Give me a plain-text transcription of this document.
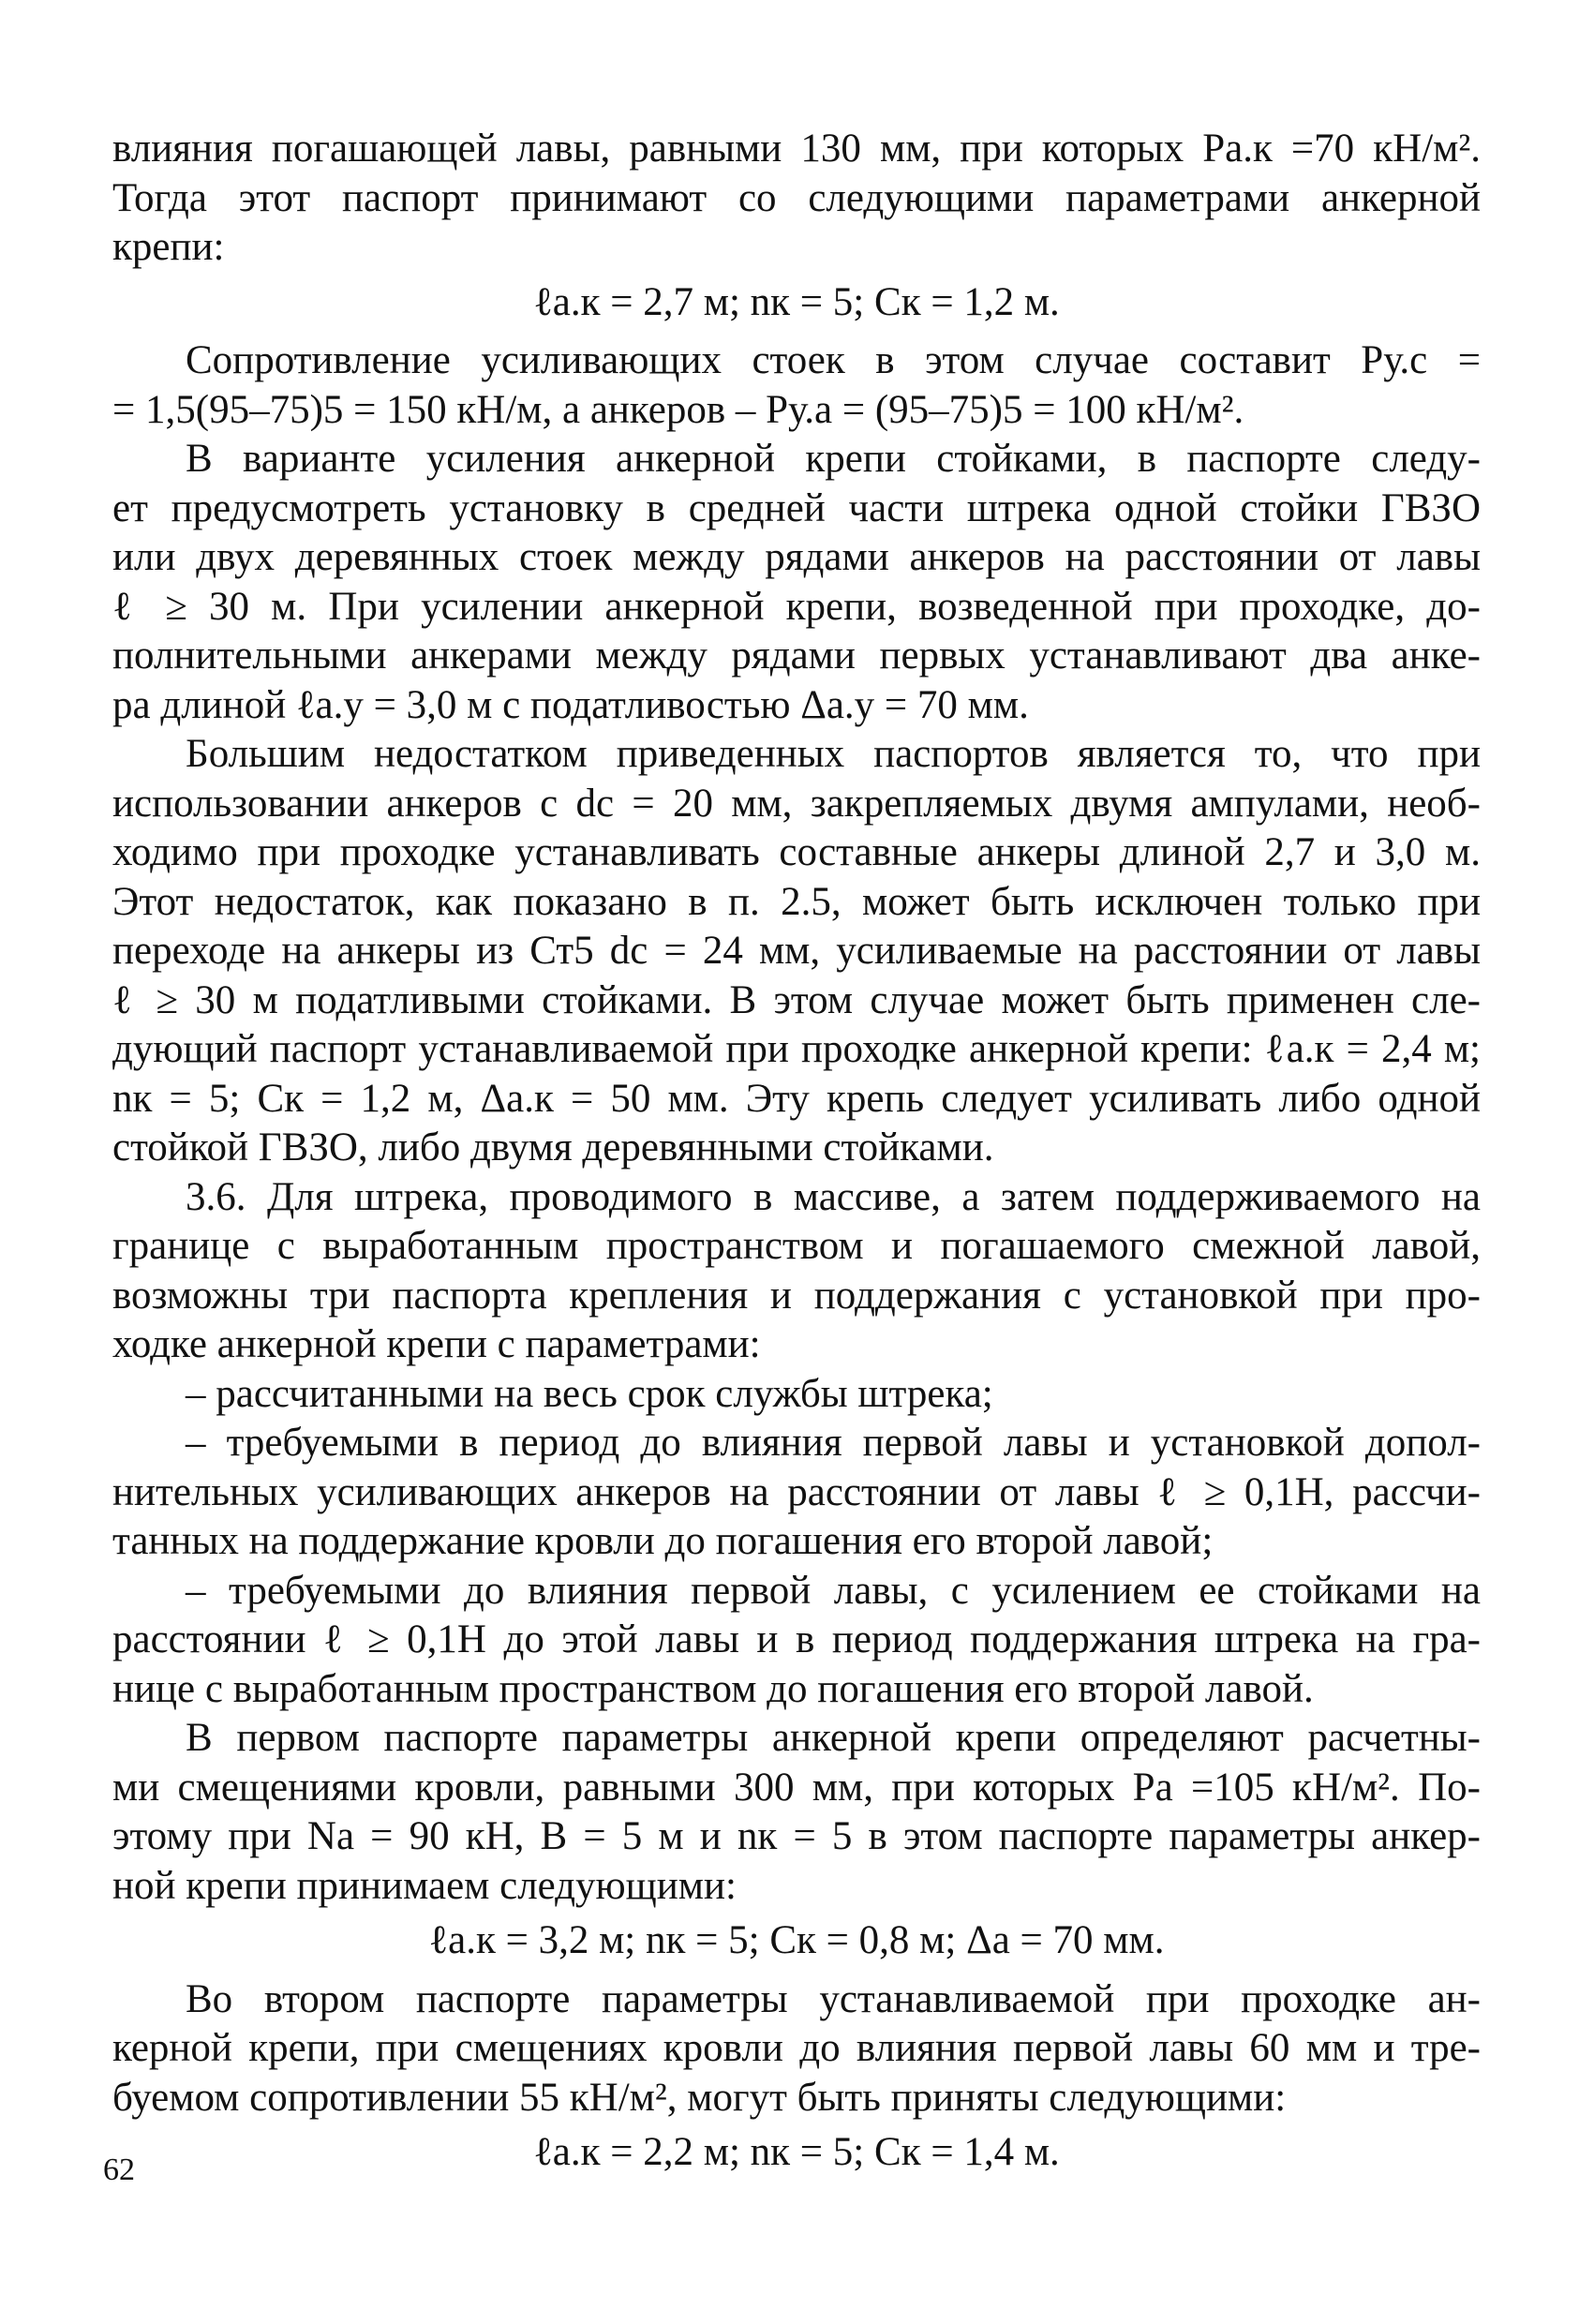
влияния погашающей лавы, равными 130 мм, при которых Pа.к =70 кН/м².
Тогда этот паспорт принимают со следующими параметрами анкерной
крепи:

ℓа.к = 2,7 м; nк = 5; Cк = 1,2 м.

Сопротивление усиливающих стоек в этом случае составит Pу.с =
= 1,5(95–75)5 = 150 кН/м, а анкеров – Pу.а = (95–75)5 = 100 кН/м².

В варианте усиления анкерной крепи стойками, в паспорте следу-
ет предусмотреть установку в средней части штрека одной стойки ГВЗО
или двух деревянных стоек между рядами анкеров на расстоянии от лавы
ℓ ≥ 30 м. При усилении анкерной крепи, возведенной при проходке, до-
полнительными анкерами между рядами первых устанавливают два анке-
ра длиной ℓа.у = 3,0 м с податливостью Δа.у = 70 мм.

Большим недостатком приведенных паспортов является то, что при
использовании анкеров с dс = 20 мм, закрепляемых двумя ампулами, необ-
ходимо при проходке устанавливать составные анкеры длиной 2,7 и 3,0 м.
Этот недостаток, как показано в п. 2.5, может быть исключен только при
переходе на анкеры из Ст5 dс = 24 мм, усиливаемые на расстоянии от лавы
ℓ ≥ 30 м податливыми стойками. В этом случае может быть применен сле-
дующий паспорт устанавливаемой при проходке анкерной крепи: ℓа.к = 2,4 м;
nк = 5; Cк = 1,2 м, Δа.к = 50 мм. Эту крепь следует усиливать либо одной
стойкой ГВЗО, либо двумя деревянными стойками.

3.6. Для штрека, проводимого в массиве, а затем поддерживаемого на
границе с выработанным пространством и погашаемого смежной лавой,
возможны три паспорта крепления и поддержания с установкой при про-
ходке анкерной крепи с параметрами:

– рассчитанными на весь срок службы штрека;

– требуемыми в период до влияния первой лавы и установкой допол-
нительных усиливающих анкеров на расстоянии от лавы ℓ ≥ 0,1H, рассчи-
танных на поддержание кровли до погашения его второй лавой;

– требуемыми до влияния первой лавы, с усилением ее стойками на
расстоянии ℓ ≥ 0,1H до этой лавы и в период поддержания штрека на гра-
нице с выработанным пространством до погашения его второй лавой.

В первом паспорте параметры анкерной крепи определяют расчетны-
ми смещениями кровли, равными 300 мм, при которых Pа =105 кН/м². По-
этому при Nа = 90 кН, B = 5 м и nк = 5 в этом паспорте параметры анкер-
ной крепи принимаем следующими:

ℓа.к = 3,2 м; nк = 5; Cк = 0,8 м; Δа = 70 мм.

Во втором паспорте параметры устанавливаемой при проходке ан-
керной крепи, при смещениях кровли до влияния первой лавы 60 мм и тре-
буемом сопротивлении 55 кН/м², могут быть приняты следующими:

ℓа.к = 2,2 м; nк = 5; Cк = 1,4 м.
62
